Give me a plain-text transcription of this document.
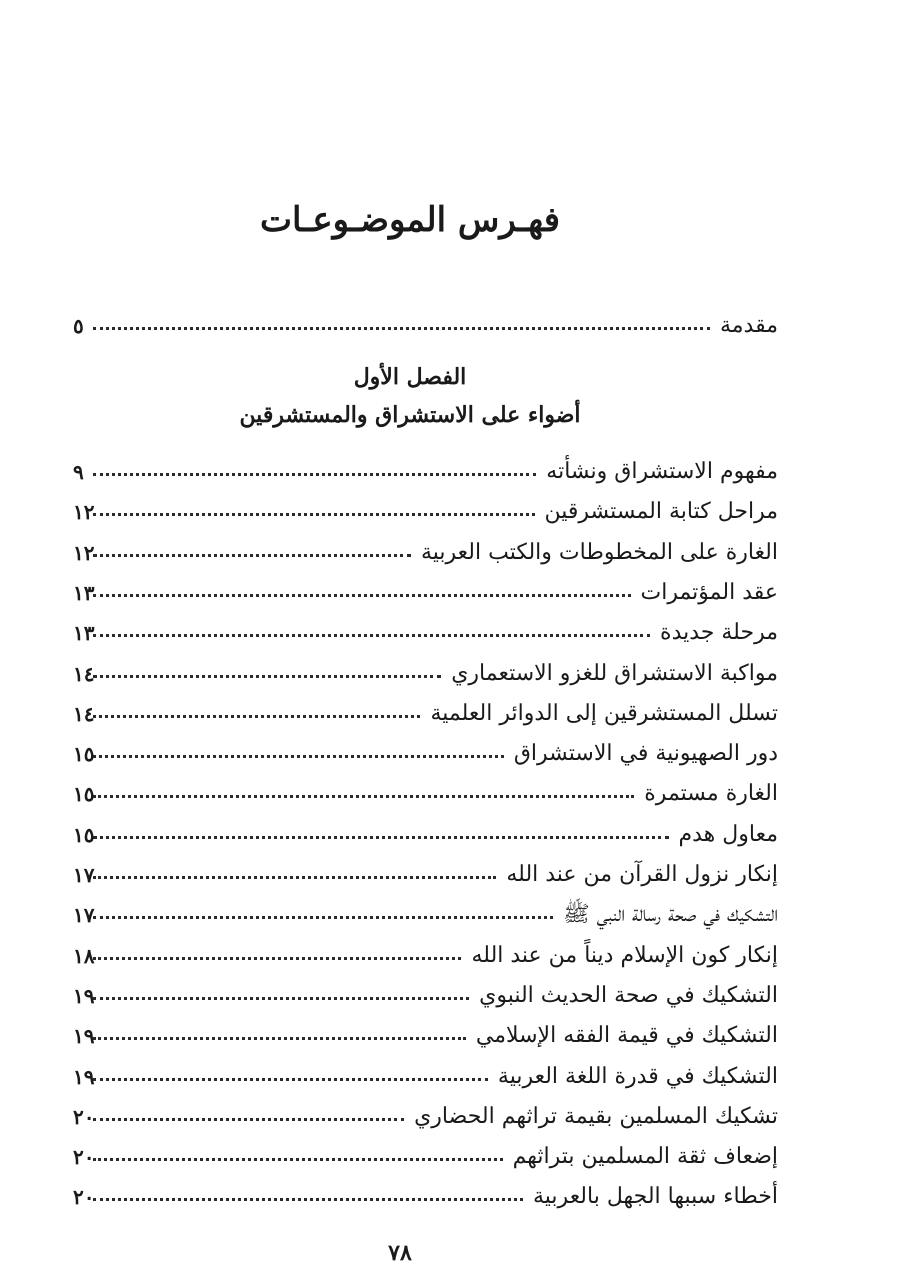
فهـرس الموضـوعـات
مقدمة
٥
الفصل الأول
أضواء على الاستشراق والمستشرقين
مفهوم الاستشراق ونشأته
٩
مراحل كتابة المستشرقين
١٢
الغارة على المخطوطات والكتب العربية
١٢
عقد المؤتمرات
١٣
مرحلة جديدة
١٣
مواكبة الاستشراق للغزو الاستعماري
١٤
تسلل المستشرقين إلى الدوائر العلمية
١٤
دور الصهيونية في الاستشراق
١٥
الغارة مستمرة
١٥
معاول هدم
١٥
إنكار نزول القرآن من عند الله
١٧
التشكيك في صحة رسالة النبي ﷺ
١٧
إنكار كون الإسلام ديناً من عند الله
١٨
التشكيك في صحة الحديث النبوي
١٩
التشكيك في قيمة الفقه الإسلامي
١٩
التشكيك في قدرة اللغة العربية
١٩
تشكيك المسلمين بقيمة تراثهم الحضاري
٢٠
إضعاف ثقة المسلمين بتراثهم
٢٠
أخطاء سببها الجهل بالعربية
٢٠
٧٨
